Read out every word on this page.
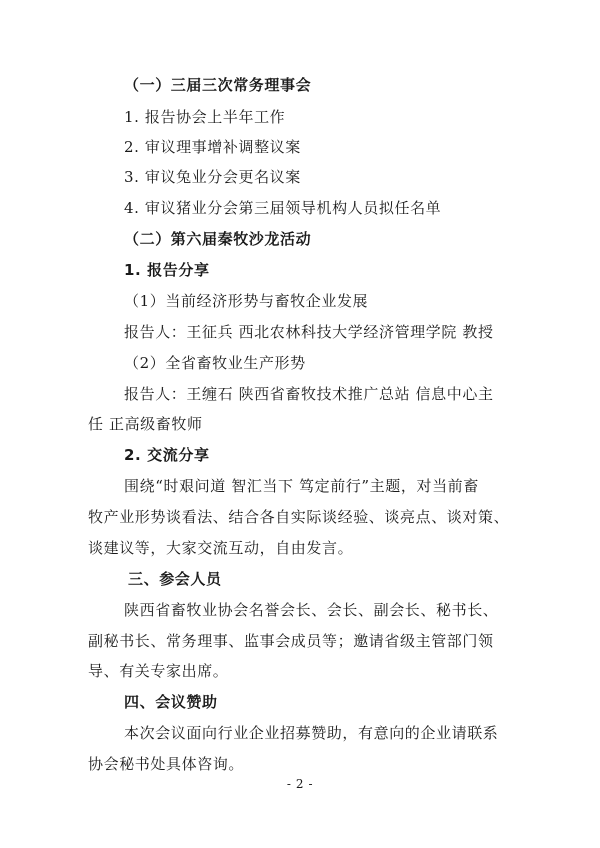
（一）三届三次常务理事会
1. 报告协会上半年工作
2. 审议理事增补调整议案
3. 审议兔业分会更名议案
4. 审议猪业分会第三届领导机构人员拟任名单
（二）第六届秦牧沙龙活动
1. 报告分享
（1）当前经济形势与畜牧企业发展
报告人：王征兵 西北农林科技大学经济管理学院 教授
（2）全省畜牧业生产形势
报告人：王缠石 陕西省畜牧技术推广总站 信息中心主
任 正高级畜牧师
2. 交流分享
围绕“时艰问道 智汇当下 笃定前行”主题，对当前畜
牧产业形势谈看法、结合各自实际谈经验、谈亮点、谈对策、
谈建议等，大家交流互动，自由发言。
三、参会人员
陕西省畜牧业协会名誉会长、会长、副会长、秘书长、
副秘书长、常务理事、监事会成员等；邀请省级主管部门领
导、有关专家出席。
四、会议赞助
本次会议面向行业企业招募赞助，有意向的企业请联系
协会秘书处具体咨询。
- 2 -
